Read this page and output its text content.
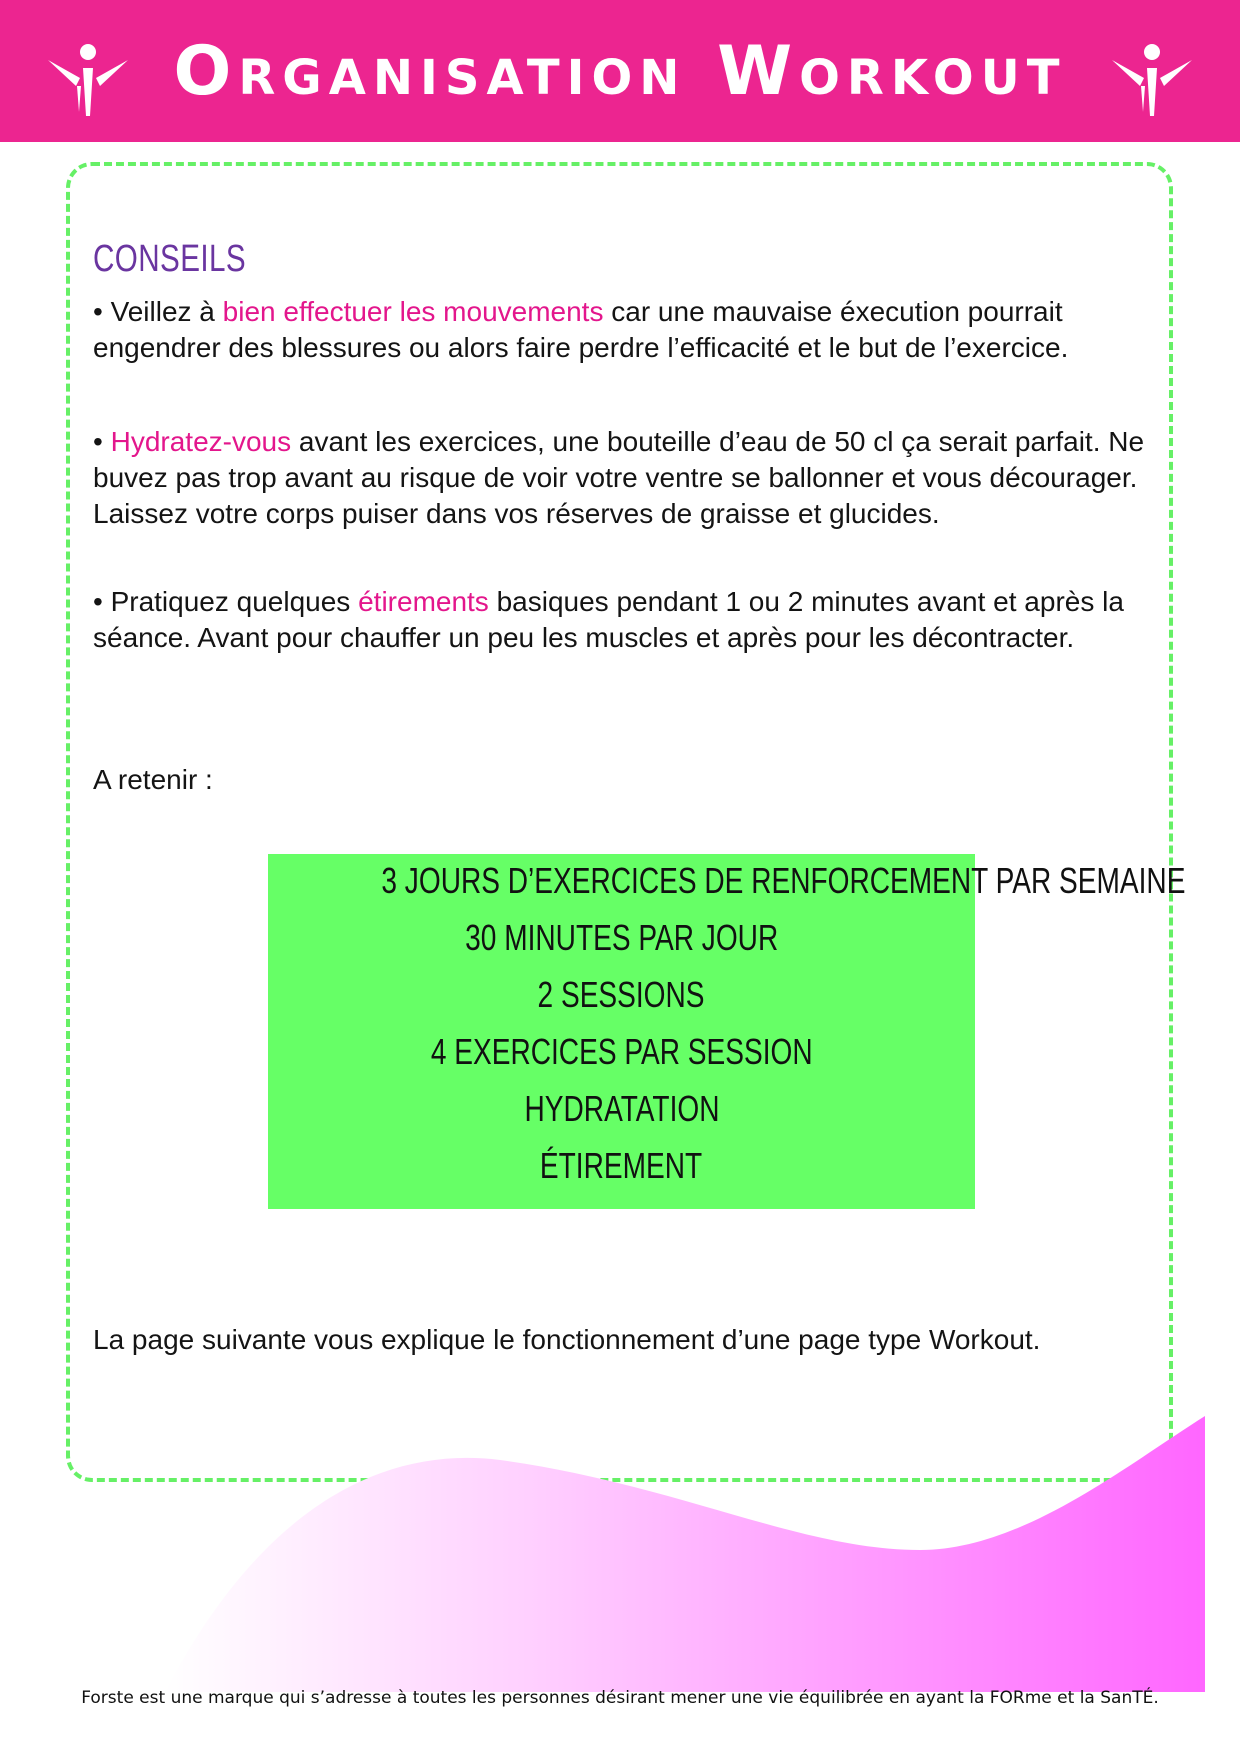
Organisation Workout
CONSEILS
• Veillez à bien effectuer les mouvements car une mauvaise éxecution pourrait engendrer des blessures ou alors faire perdre l’efficacité et le but de l’exercice.
• Hydratez-vous avant les exercices, une bouteille d’eau de 50 cl ça serait parfait. Ne buvez pas trop avant au risque de voir votre ventre se ballonner et vous décourager. Laissez votre corps puiser dans vos réserves de graisse et glucides.
• Pratiquez quelques étirements basiques pendant 1 ou 2 minutes avant et après la séance. Avant pour chauffer un peu les muscles et après pour les décontracter.
A retenir :
3 JOURS D’EXERCICES DE RENFORCEMENT PAR SEMAINE
30 MINUTES PAR JOUR
2 SESSIONS
4 EXERCICES PAR SESSION
HYDRATATION
ÉTIREMENT
La page suivante vous explique le fonctionnement d’une page type Workout.
Forste est une marque qui s’adresse à toutes les personnes désirant mener une vie équilibrée en ayant la FORme et la SanTÉ.
